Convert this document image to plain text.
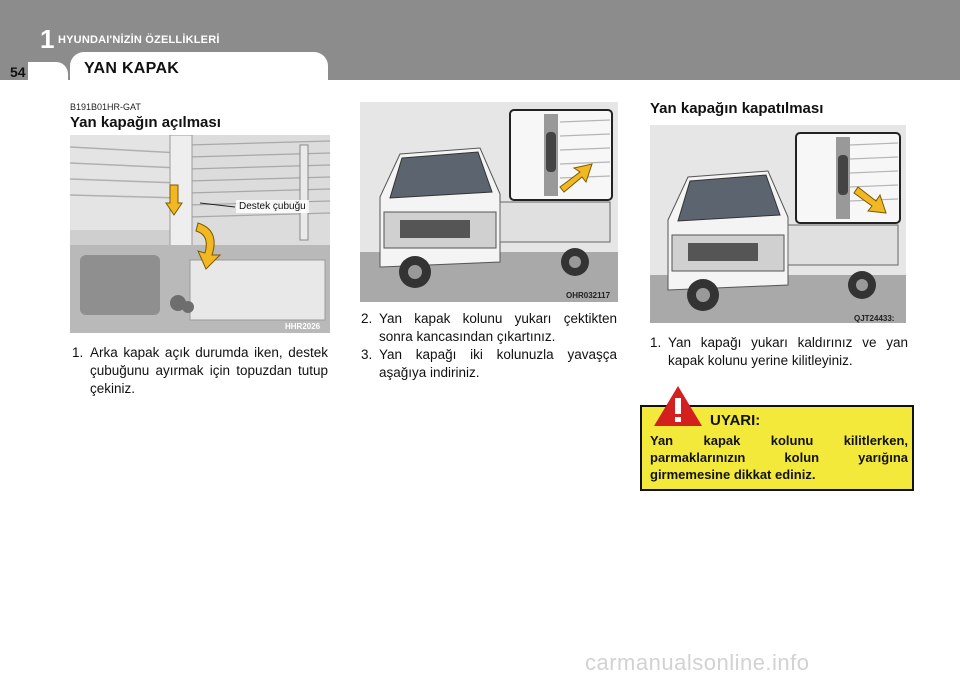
1 HYUNDAI'NİZİN ÖZELLİKLERİ
54	YAN KAPAK
B191B01HR-GAT
Yan kapağın açılması
Destek çubuğu
HHR2026
1. Arka kapak açık durumda iken, destek çubuğunu ayırmak için topuzdan tutup çekiniz.
OHR032117
2. Yan kapak kolunu yukarı çektikten sonra kancasından çıkartınız.
3. Yan kapağı iki kolunuzla yavaşça aşağıya indiriniz.
Yan kapağın kapatılması
QJT24433:
1. Yan kapağı yukarı kaldırınız ve yan kapak kolunu yerine kilitleyiniz.
UYARI:
Yan kapak kolunu kilitlerken, parmaklarınızın kolun yarığına girmemesine dikkat ediniz.
carmanualsonline.info
